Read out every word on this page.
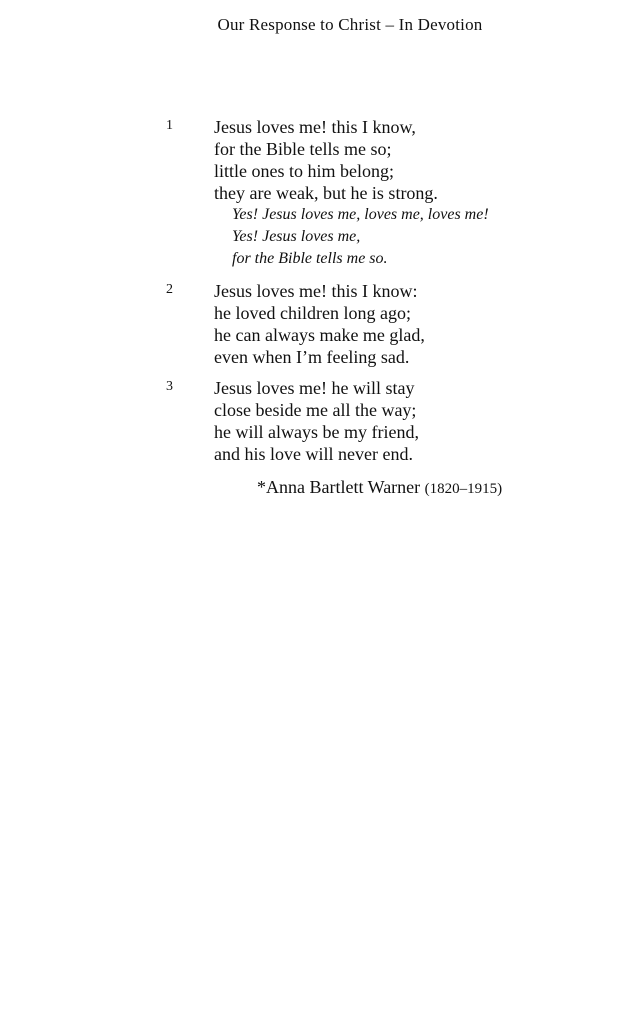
Our Response to Christ – In Devotion
1 Jesus loves me! this I know,
for the Bible tells me so;
little ones to him belong;
they are weak, but he is strong.
Yes! Jesus loves me, loves me, loves me!
Yes! Jesus loves me,
for the Bible tells me so.
2 Jesus loves me! this I know:
he loved children long ago;
he can always make me glad,
even when I’m feeling sad.
3 Jesus loves me! he will stay
close beside me all the way;
he will always be my friend,
and his love will never end.
*Anna Bartlett Warner (1820–1915)
